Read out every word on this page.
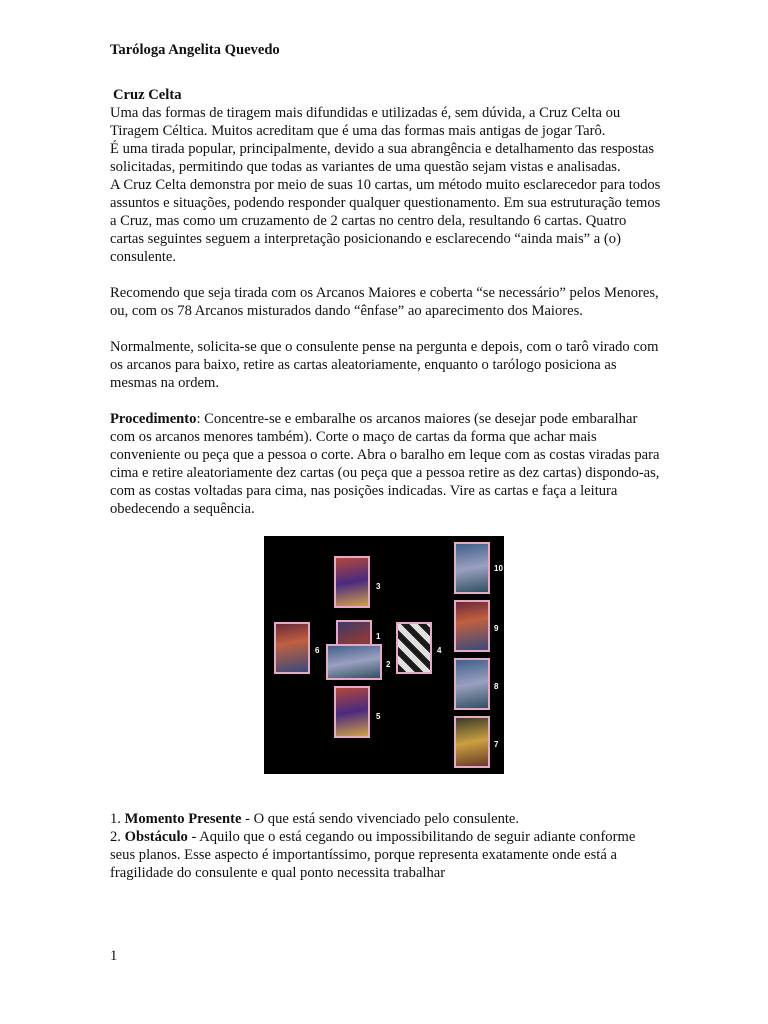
Taróloga Angelita Quevedo

Cruz Celta

Uma das formas de tiragem mais difundidas e utilizadas é, sem dúvida, a Cruz Celta ou Tiragem Céltica. Muitos acreditam que é uma das formas mais antigas de jogar Tarô.

É uma tirada popular, principalmente, devido a sua abrangência e detalhamento das respostas solicitadas, permitindo que todas as variantes de uma questão sejam vistas e analisadas.

A Cruz Celta demonstra por meio de suas 10 cartas, um método muito esclarecedor para todos assuntos e situações, podendo responder qualquer questionamento. Em sua estruturação temos a Cruz, mas como um cruzamento de 2 cartas no centro dela, resultando 6 cartas. Quatro cartas seguintes seguem a interpretação posicionando e esclarecendo “ainda mais” a (o) consulente.

Recomendo que seja tirada com os Arcanos Maiores e coberta “se necessário” pelos Menores, ou, com os 78 Arcanos misturados dando “ênfase” ao aparecimento dos Maiores.

Normalmente, solicita-se que o consulente pense na pergunta e depois, com o tarô virado com os arcanos para baixo, retire as cartas aleatoriamente, enquanto o tarólogo posiciona as mesmas na ordem.

Procedimento: Concentre-se e embaralhe os arcanos maiores (se desejar pode embaralhar com os arcanos menores também). Corte o maço de cartas da forma que achar mais conveniente ou peça que a pessoa o corte. Abra o baralho em leque com as costas viradas para cima e retire aleatoriamente dez cartas (ou peça que a pessoa retire as dez cartas) dispondo-as, com as costas voltadas para cima, nas posições indicadas. Vire as cartas e faça a leitura obedecendo a sequência.

3
6
1
2
4
5
10
9
8
7

1. Momento Presente - O que está sendo vivenciado pelo consulente.

2. Obstáculo - Aquilo que o está cegando ou impossibilitando de seguir adiante conforme seus planos. Esse aspecto é importantíssimo, porque representa exatamente onde está a fragilidade do consulente e qual ponto necessita trabalhar

1
